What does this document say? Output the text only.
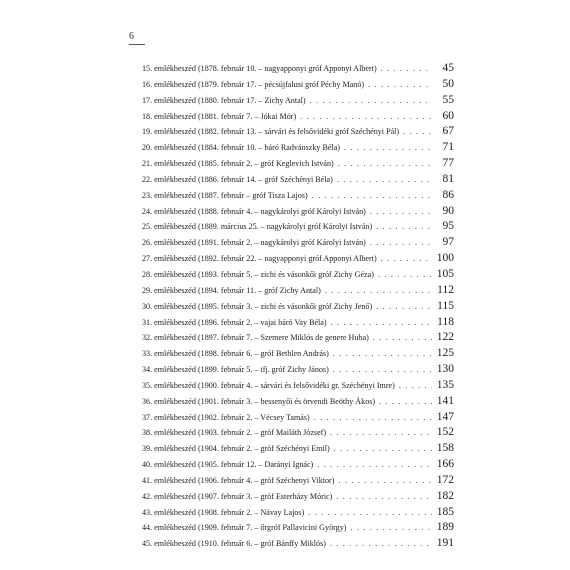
6
15. emlékbeszéd (1878. február 10. – nagyapponyi gróf Apponyi Albert) . . .	45
16. emlékbeszéd (1879. február 17. – pécsújfalusi gróf Péchy Manó) . . .	50
17. emlékbeszéd (1880. február 17. – Zichy Antal) . . .	55
18. emlékbeszéd (1881. február 7. – Jókai Mór) . . .	60
19. emlékbeszéd (1882. február 13. – sárvári és felsővidéki gróf Széchényi Pál) . . .	67
20. emlékbeszéd (1884. február 10. – báró Radvánszky Béla) . . .	71
21. emlékbeszéd (1885. február 2. – gróf Keglevich István) . . .	77
22. emlékbeszéd (1886. február 14. – gróf Széchényi Béla) . . .	81
23. emlékbeszéd (1887. február – gróf Tisza Lajos) . . .	86
24. emlékbeszéd (1888. február 4. – nagykárolyi gróf Károlyi István) . . .	90
25. emlékbeszéd (1889. március 25. – nagykárolyi gróf Károlyi István) . . .	95
26. emlékbeszéd (1891. február 2. – nagykárolyi gróf Károlyi István) . . .	97
27. emlékbeszéd (1892. február 22. – nagyapponyi gróf Apponyi Albert) . . .	100
28. emlékbeszéd (1893. február 5. – zichi és vásonkői gróf Zichy Géza) . . .	105
29. emlékbeszéd (1894. február 11. – gróf Zichy Antal) . . .	112
30. emlékbeszéd (1895. február 3. – zichi és vásonkői gróf Zichy Jenő) . . .	115
31. emlékbeszéd (1896. február 2. – vajai báró Vay Béla) . . .	118
32. emlékbeszéd (1897. február 7. – Szemere Miklós de genere Huba) . . .	122
33. emlékbeszéd (1898. február 6. – gróf Bethlen András) . . .	125
34. emlékbeszéd (1899. február 5. – ifj. gróf Zichy János) . . .	130
35. emlékbeszéd (1900. február 4. – sárvári és felsővidéki gr. Széchényi Imre) . . .	135
36. emlékbeszéd (1901. február 3. – bessenyői és örvendi Beöthy Ákos) . . .	141
37. emlékbeszéd (1902. február 2. – Vécsey Tamás) . . .	147
38. emlékbeszéd (1903. február 2. – gróf Mailáth József) . . .	152
39. emlékbeszéd (1904. február 2. – gróf Széchényi Emil) . . .	158
40. emlékbeszéd (1905. február 12. – Darányi Ignác) . . .	166
41. emlékbeszéd (1906. február 4. – gróf Széchenyi Viktor) . . .	172
42. emlékbeszéd (1907. február 3. – gróf Esterházy Móric) . . .	182
43. emlékbeszéd (1908. február 2. – Návay Lajos) . . .	185
44. emlékbeszéd (1909. február 7. – őrgróf Pallavicini György) . . .	189
45. emlékbeszéd (1910. február 6. – gróf Bánffy Miklós) . . .	191
